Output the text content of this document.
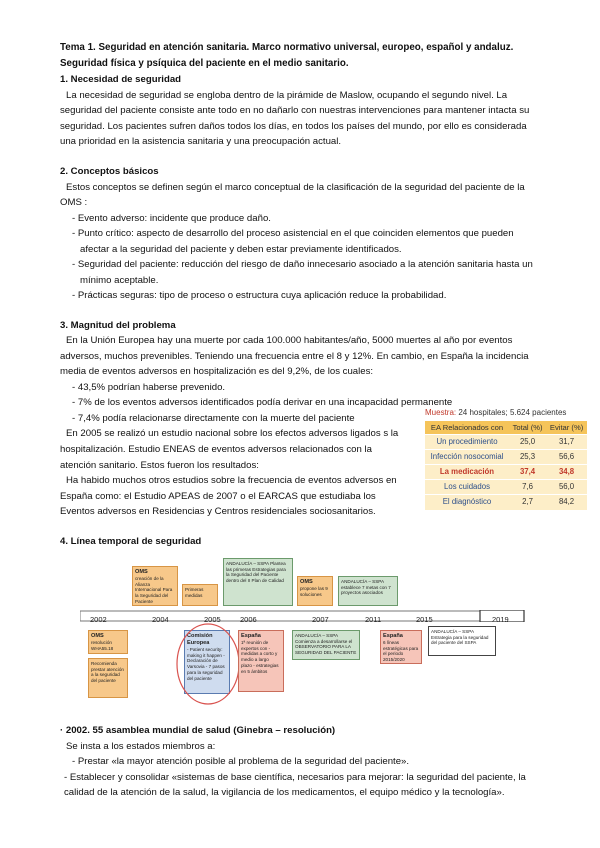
Tema 1. Seguridad en atención sanitaria. Marco normativo universal, europeo, español y andaluz.
Seguridad física y psíquica del paciente en el medio sanitario.
1. Necesidad de seguridad
La necesidad de seguridad se engloba dentro de la pirámide de Maslow, ocupando el segundo nivel. La seguridad del paciente consiste ante todo en no dañarlo con nuestras intervenciones para mantener intacta su seguridad. Los pacientes sufren daños todos los días, en todos los países del mundo, por ello es considerada una prioridad en la asistencia sanitaria y una preocupación actual.
2. Conceptos básicos
Estos conceptos se definen según el marco conceptual de la clasificación de la seguridad del paciente de la OMS :
- Evento adverso: incidente que produce daño.
- Punto crítico: aspecto de desarrollo del proceso asistencial en el que coinciden elementos que pueden afectar a la seguridad del paciente y deben estar previamente identificados.
- Seguridad del paciente: reducción del riesgo de daño innecesario asociado a la atención sanitaria hasta un mínimo aceptable.
- Prácticas seguras: tipo de proceso o estructura cuya aplicación reduce la probabilidad.
3. Magnitud del problema
En la Unión Europea hay una muerte por cada 100.000 habitantes/año, 5000 muertes al año por eventos adversos, muchos prevenibles. Teniendo una frecuencia entre el 8 y 12%. En cambio, en España la incidencia media de eventos adversos en hospitalización es del 9,2%, de los cuales:
- 43,5% podrían haberse prevenido.
- 7% de los eventos adversos identificados podía derivar en una incapacidad permanente
- 7,4% podía relacionarse directamente con la muerte del paciente
En 2005 se realizó un estudio nacional sobre los efectos adversos ligados s la hospitalización. Estudio ENEAS de eventos adversos relacionados con la atención sanitario. Estos fueron los resultados:
Ha habido muchos otros estudios sobre la frecuencia de eventos adversos en España como: el Estudio APEAS de 2007 o el EARCAS que estudiaba los Eventos adversos en Residencias y Centros residenciales sociosanitarios.
4. Línea temporal de seguridad
Muestra: 24 hospitales; 5.624 pacientes
EA Relacionados con	Total (%)	Evitar (%)
Un procedimiento	25,0	31,7
Infección nosocomial	25,3	56,6
La medicación	37,4	34,8
Los cuidados	7,6	56,0
El diagnóstico	2,7	84,2
2002	2004	2005	2006	2007	2011	2015	2019
OMS
creación de la Alianza Internacional Para la Seguridad del Paciente
Primeras medidas
ANDALUCÍA – SSPA Plantea las primeras Estrategias para la Seguridad del Paciente dentro del II Plan de Calidad	OMS
propone las 9 soluciones
ANDALUCÍA – SSPA establece 7 metas con 7 proyectos asociados
OMS
resolución WHA55.18
Recomienda prestar atención a la seguridad del paciente
Comisión Europea
- Patient security: making it happen - Declaración de Varsovia - 7 pasos para la seguridad del paciente
España
1ª reunión de expertos con - medidas a corto y medio a largo plazo - estrategias en 5 ámbitos
ANDALUCÍA – SSPA Comienza a desarrollarse el OBSERVATORIO PARA LA SEGURIDAD DEL PACIENTE
España
6 líneas estratégicas para el periodo 2015/2020
ANDALUCÍA – SSPA Estrategia para la seguridad del paciente del SSPA
· 2002. 55 asamblea mundial de salud (Ginebra – resolución)
Se insta a los estados miembros a:
- Prestar «la mayor atención posible al problema de la seguridad del paciente».
- Establecer y consolidar «sistemas de base científica, necesarios para mejorar: la seguridad del paciente, la calidad de la atención de la salud, la vigilancia de los medicamentos, el equipo médico y la tecnología».
